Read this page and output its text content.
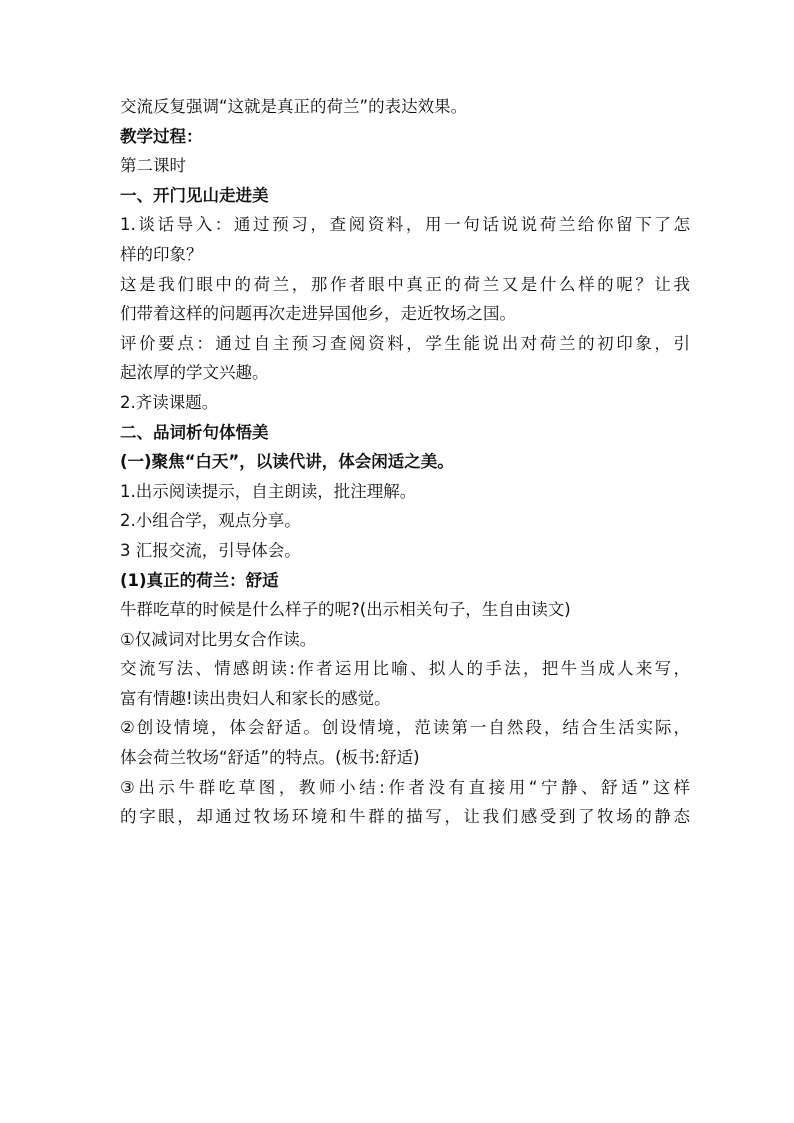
交流反复强调“这就是真正的荷兰”的表达效果。
教学过程：
第二课时
一、开门见山走进美
1.谈话导入：通过预习，查阅资料，用一句话说说荷兰给你留下了怎
样的印象？
这是我们眼中的荷兰，那作者眼中真正的荷兰又是什么样的呢？让我
们带着这样的问题再次走进异国他乡，走近牧场之国。
评价要点：通过自主预习查阅资料，学生能说出对荷兰的初印象，引
起浓厚的学文兴趣。
2.齐读课题。
二、品词析句体悟美
(一)聚焦“白天”，以读代讲，体会闲适之美。
1.出示阅读提示，自主朗读，批注理解。
2.小组合学，观点分享。
3 汇报交流，引导体会。
(1)真正的荷兰：舒适
牛群吃草的时候是什么样子的呢?(出示相关句子，生自由读文)
①仅减词对比男女合作读。
交流写法、情感朗读:作者运用比喻、拟人的手法，把牛当成人来写，
富有情趣!读出贵妇人和家长的感觉。
②创设情境，体会舒适。创设情境，范读第一自然段，结合生活实际，
体会荷兰牧场“舒适”的特点。(板书:舒适)
③出示牛群吃草图，教师小结:作者没有直接用“宁静、舒适”这样
的字眼，却通过牧场环境和牛群的描写，让我们感受到了牧场的静态
